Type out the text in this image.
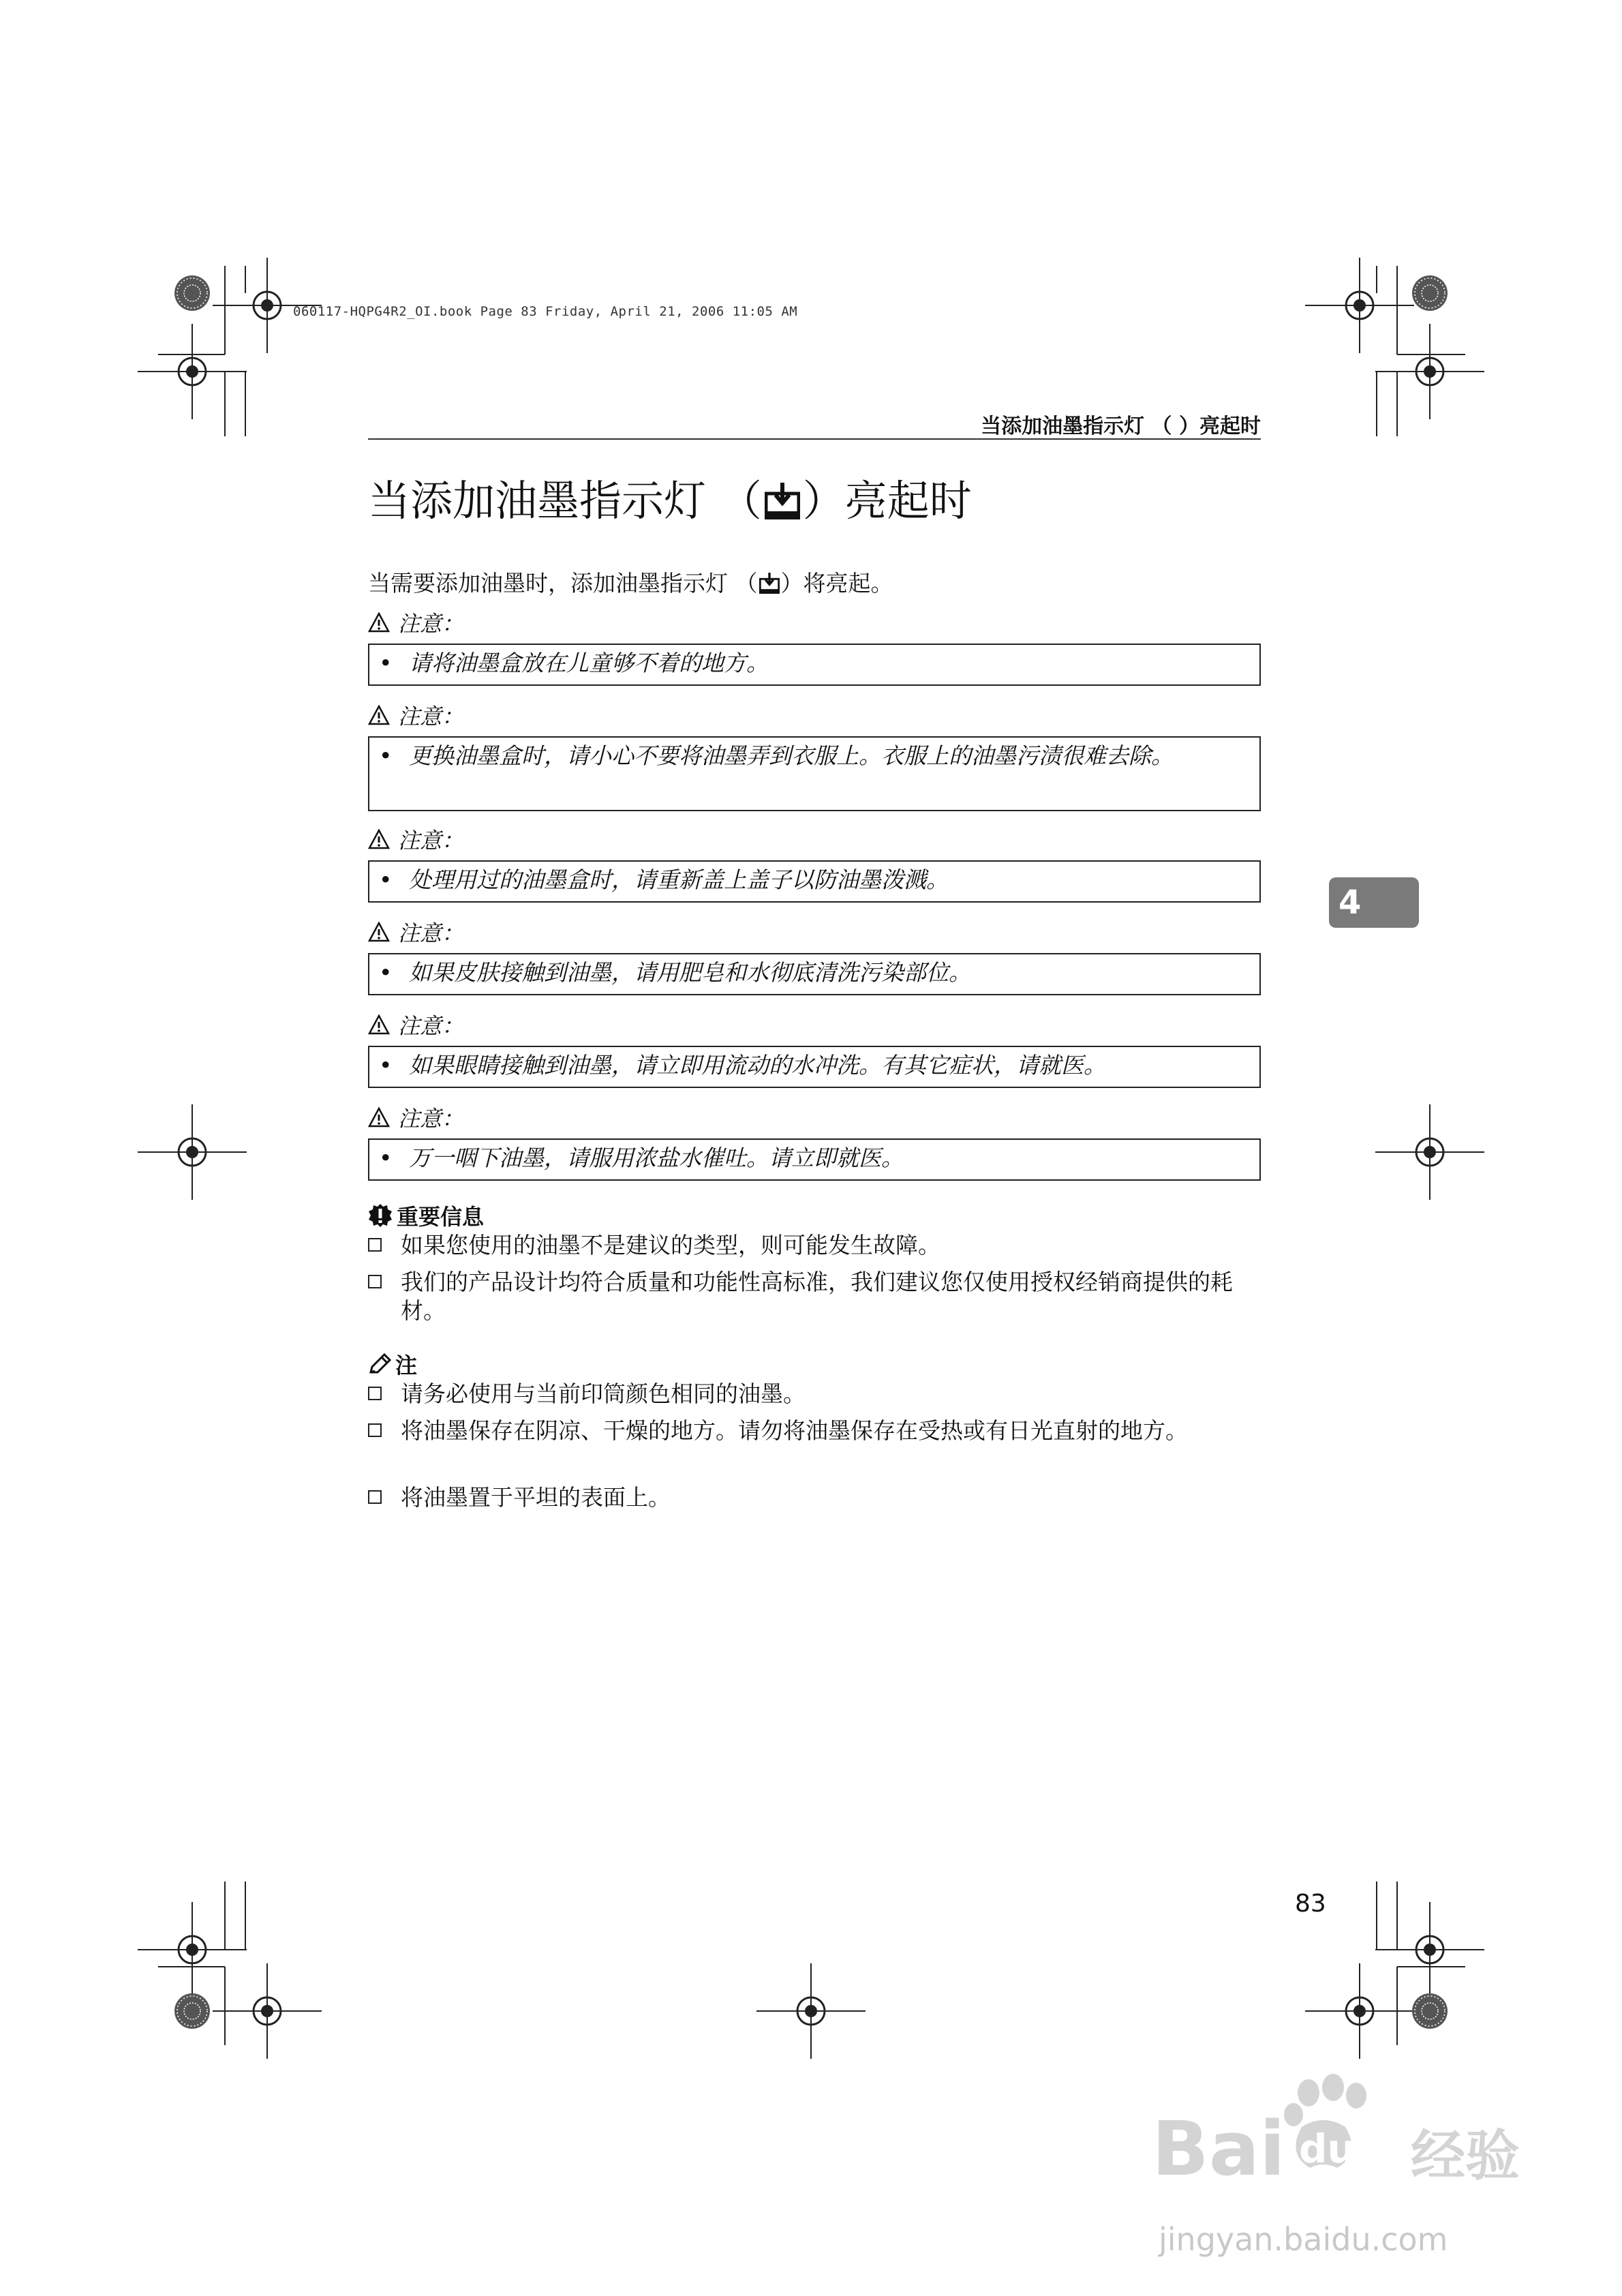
060117-HQPG4R2_OI.book Page 83 Friday, April 21, 2006 11:05 AM
当添加油墨指示灯 （ ）亮起时
当添加油墨指示灯 （ ）亮起时
当需要添加油墨时，添加油墨指示灯 （ ）将亮起。
注意：
• 请将油墨盒放在儿童够不着的地方。
注意：
• 更换油墨盒时，请小心不要将油墨弄到衣服上。衣服上的油墨污渍很难去除。
注意：
• 处理用过的油墨盒时，请重新盖上盖子以防油墨泼溅。
注意：
• 如果皮肤接触到油墨，请用肥皂和水彻底清洗污染部位。
注意：
• 如果眼睛接触到油墨，请立即用流动的水冲洗。有其它症状，请就医。
注意：
• 万一咽下油墨，请服用浓盐水催吐。请立即就医。
重要信息
如果您使用的油墨不是建议的类型，则可能发生故障。
我们的产品设计均符合质量和功能性高标准，我们建议您仅使用授权经销商提供的耗材。
注
请务必使用与当前印筒颜色相同的油墨。
将油墨保存在阴凉、干燥的地方。请勿将油墨保存在受热或有日光直射的地方。
将油墨置于平坦的表面上。
4
83
Bai 经验
du
jingyan.baidu.com
